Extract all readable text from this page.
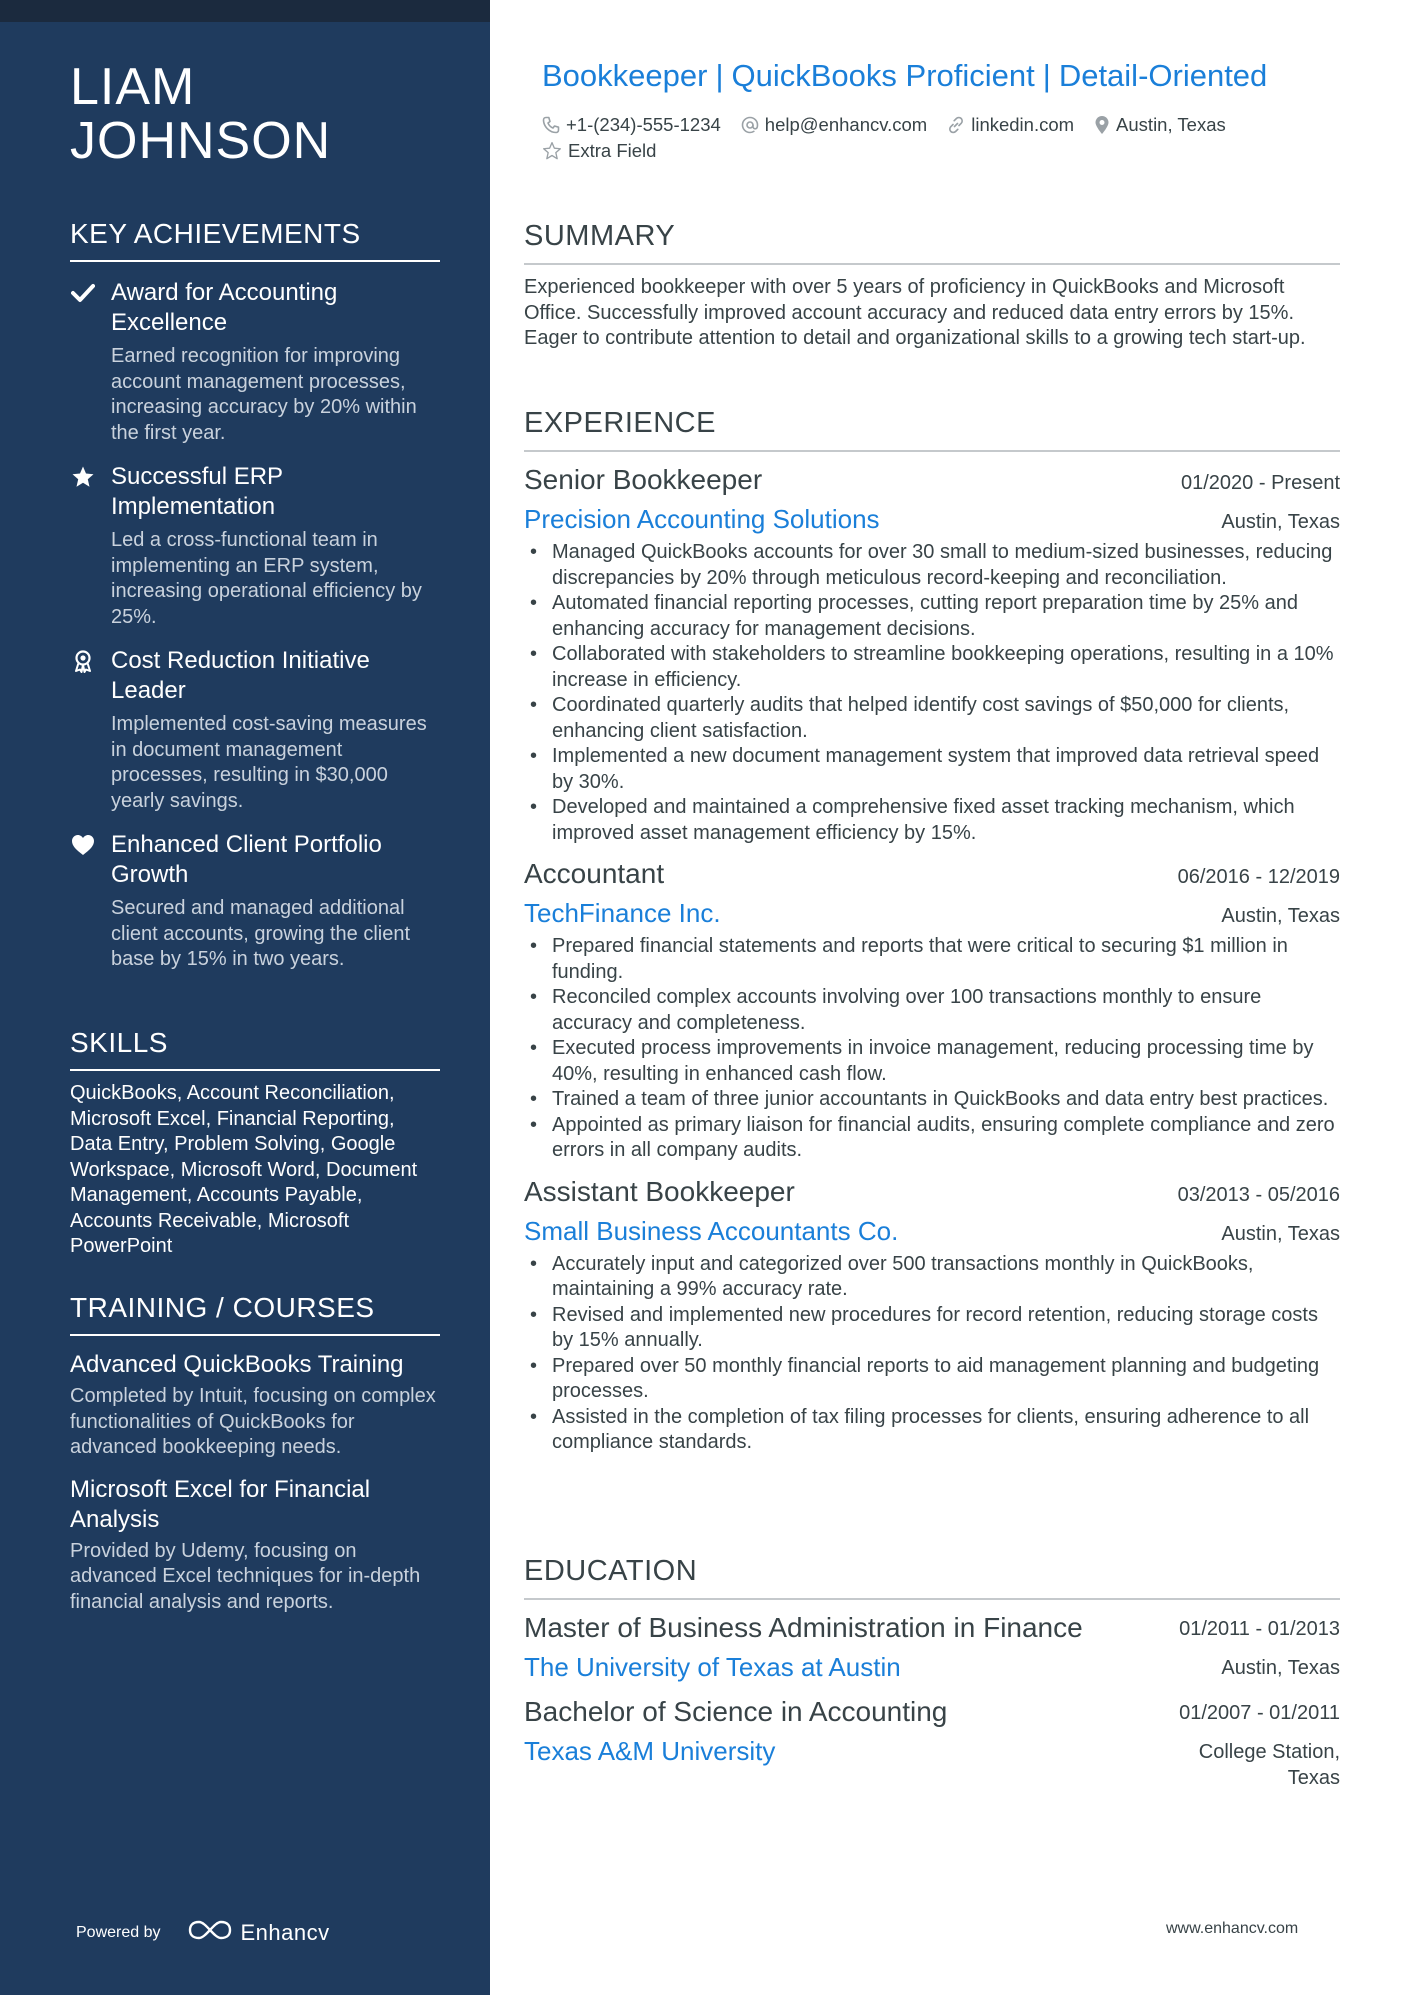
LIAM
JOHNSON
KEY ACHIEVEMENTS
Award for Accounting Excellence
Earned recognition for improving account management processes, increasing accuracy by 20% within the first year.
Successful ERP Implementation
Led a cross-functional team in implementing an ERP system, increasing operational efficiency by 25%.
Cost Reduction Initiative Leader
Implemented cost-saving measures in document management processes, resulting in $30,000 yearly savings.
Enhanced Client Portfolio Growth
Secured and managed additional client accounts, growing the client base by 15% in two years.
SKILLS
QuickBooks, Account Reconciliation, Microsoft Excel, Financial Reporting, Data Entry, Problem Solving, Google Workspace, Microsoft Word, Document Management, Accounts Payable, Accounts Receivable, Microsoft PowerPoint
TRAINING / COURSES
Advanced QuickBooks Training
Completed by Intuit, focusing on complex functionalities of QuickBooks for advanced bookkeeping needs.
Microsoft Excel for Financial Analysis
Provided by Udemy, focusing on advanced Excel techniques for in-depth financial analysis and reports.
Powered by	Enhancv
Bookkeeper | QuickBooks Proficient | Detail-Oriented
+1-(234)-555-1234 help@enhancv.com linkedin.com Austin, Texas
Extra Field
SUMMARY
Experienced bookkeeper with over 5 years of proficiency in QuickBooks and Microsoft Office. Successfully improved account accuracy and reduced data entry errors by 15%. Eager to contribute attention to detail and organizational skills to a growing tech start-up.
EXPERIENCE
Senior Bookkeeper	01/2020 - Present
Precision Accounting Solutions	Austin, Texas
• Managed QuickBooks accounts for over 30 small to medium-sized businesses, reducing discrepancies by 20% through meticulous record-keeping and reconciliation.
• Automated financial reporting processes, cutting report preparation time by 25% and enhancing accuracy for management decisions.
• Collaborated with stakeholders to streamline bookkeeping operations, resulting in a 10% increase in efficiency.
• Coordinated quarterly audits that helped identify cost savings of $50,000 for clients, enhancing client satisfaction.
• Implemented a new document management system that improved data retrieval speed by 30%.
• Developed and maintained a comprehensive fixed asset tracking mechanism, which improved asset management efficiency by 15%.
Accountant	06/2016 - 12/2019
TechFinance Inc.	Austin, Texas
• Prepared financial statements and reports that were critical to securing $1 million in funding.
• Reconciled complex accounts involving over 100 transactions monthly to ensure accuracy and completeness.
• Executed process improvements in invoice management, reducing processing time by 40%, resulting in enhanced cash flow.
• Trained a team of three junior accountants in QuickBooks and data entry best practices.
• Appointed as primary liaison for financial audits, ensuring complete compliance and zero errors in all company audits.
Assistant Bookkeeper	03/2013 - 05/2016
Small Business Accountants Co.	Austin, Texas
• Accurately input and categorized over 500 transactions monthly in QuickBooks, maintaining a 99% accuracy rate.
• Revised and implemented new procedures for record retention, reducing storage costs by 15% annually.
• Prepared over 50 monthly financial reports to aid management planning and budgeting processes.
• Assisted in the completion of tax filing processes for clients, ensuring adherence to all compliance standards.
EDUCATION
Master of Business Administration in Finance	01/2011 - 01/2013
The University of Texas at Austin	Austin, Texas
Bachelor of Science in Accounting	01/2007 - 01/2011
Texas A&M University	College Station,
Texas
www.enhancv.com
